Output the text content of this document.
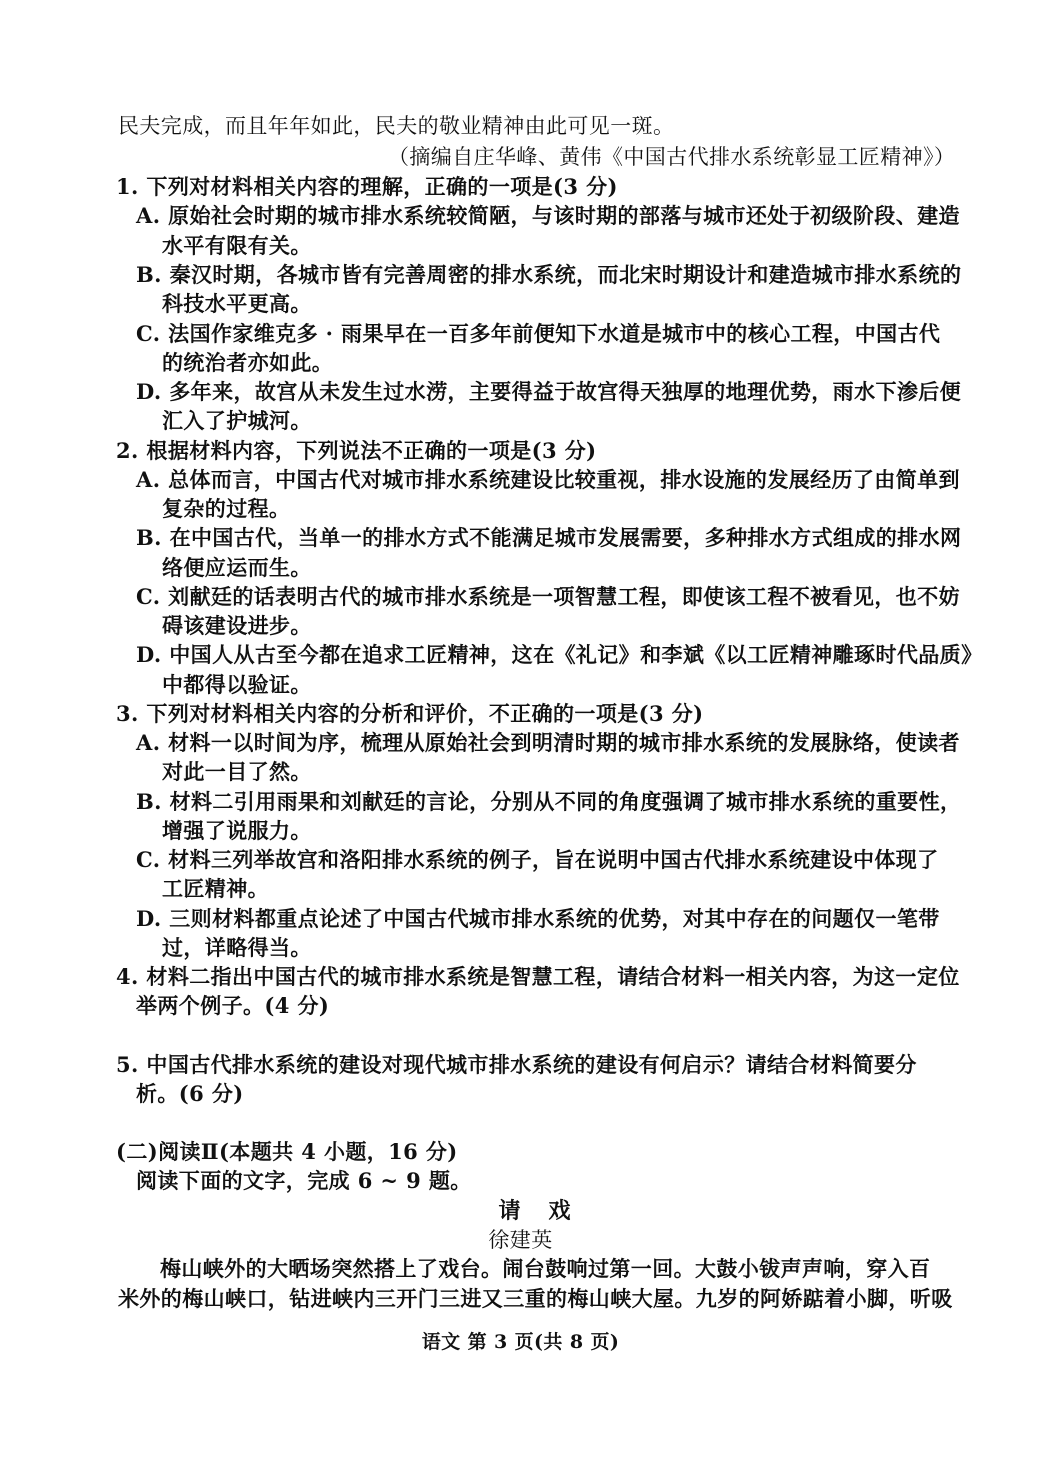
民夫完成，而且年年如此，民夫的敬业精神由此可见一斑。
（摘编自庄华峰、黄伟《中国古代排水系统彰显工匠精神》）
1. 下列对材料相关内容的理解，正确的一项是(3 分)
A. 原始社会时期的城市排水系统较简陋，与该时期的部落与城市还处于初级阶段、建造
水平有限有关。
B. 秦汉时期，各城市皆有完善周密的排水系统，而北宋时期设计和建造城市排水系统的
科技水平更高。
C. 法国作家维克多 · 雨果早在一百多年前便知下水道是城市中的核心工程，中国古代
的统治者亦如此。
D. 多年来，故宫从未发生过水涝，主要得益于故宫得天独厚的地理优势，雨水下渗后便
汇入了护城河。
2. 根据材料内容，下列说法不正确的一项是(3 分)
A. 总体而言，中国古代对城市排水系统建设比较重视，排水设施的发展经历了由简单到
复杂的过程。
B. 在中国古代，当单一的排水方式不能满足城市发展需要，多种排水方式组成的排水网
络便应运而生。
C. 刘献廷的话表明古代的城市排水系统是一项智慧工程，即使该工程不被看见，也不妨
碍该建设进步。
D. 中国人从古至今都在追求工匠精神，这在《礼记》和李斌《以工匠精神雕琢时代品质》
中都得以验证。
3. 下列对材料相关内容的分析和评价，不正确的一项是(3 分)
A. 材料一以时间为序，梳理从原始社会到明清时期的城市排水系统的发展脉络，使读者
对此一目了然。
B. 材料二引用雨果和刘献廷的言论，分别从不同的角度强调了城市排水系统的重要性，
增强了说服力。
C. 材料三列举故宫和洛阳排水系统的例子，旨在说明中国古代排水系统建设中体现了
工匠精神。
D. 三则材料都重点论述了中国古代城市排水系统的优势，对其中存在的问题仅一笔带
过，详略得当。
4. 材料二指出中国古代的城市排水系统是智慧工程，请结合材料一相关内容，为这一定位
举两个例子。(4 分)
5. 中国古代排水系统的建设对现代城市排水系统的建设有何启示？请结合材料简要分
析。(6 分)
(二)阅读Ⅱ(本题共 4 小题，16 分)
阅读下面的文字，完成 6 ~ 9 题。
请戏
徐建英
梅山峡外的大晒场突然搭上了戏台。闹台鼓响过第一回。大鼓小钹声声响，穿入百
米外的梅山峡口，钻进峡内三开门三进又三重的梅山峡大屋。九岁的阿娇踮着小脚，听吸
语文 第 3 页(共 8 页)
